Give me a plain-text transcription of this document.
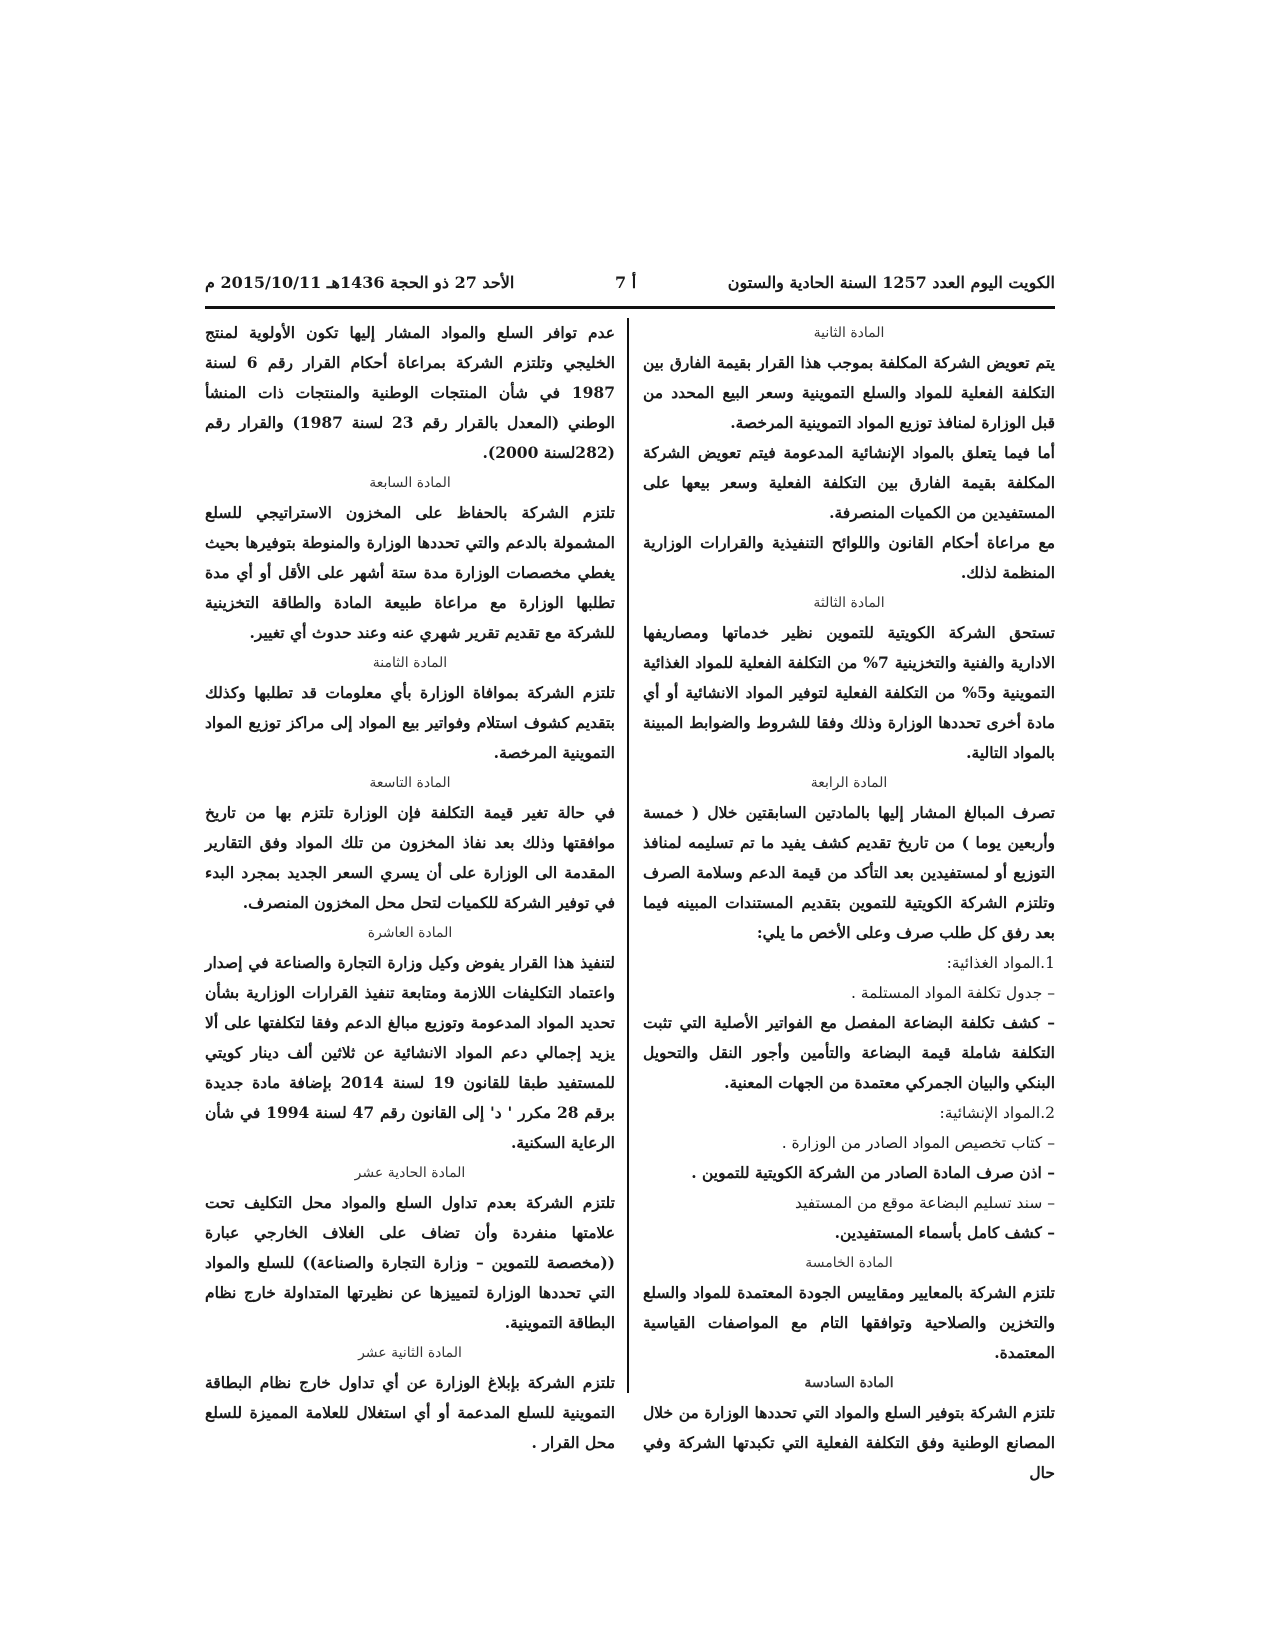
الأحد 27 ذو الحجة 1436هـ 2015/10/11 م	أ 7	الكويت اليوم العدد 1257 السنة الحادية والستون
المادة الثانية

يتم تعويض الشركة المكلفة بموجب هذا القرار بقيمة الفارق بين التكلفة الفعلية للمواد والسلع التموينية وسعر البيع المحدد من قبل الوزارة لمنافذ توزيع المواد التموينية المرخصة.

أما فيما يتعلق بالمواد الإنشائية المدعومة فيتم تعويض الشركة المكلفة بقيمة الفارق بين التكلفة الفعلية وسعر بيعها على المستفيدين من الكميات المنصرفة.

مع مراعاة أحكام القانون واللوائح التنفيذية والقرارات الوزارية المنظمة لذلك.

المادة الثالثة

تستحق الشركة الكويتية للتموين نظير خدماتها ومصاريفها الادارية والفنية والتخزينية 7% من التكلفة الفعلية للمواد الغذائية التموينية و5% من التكلفة الفعلية لتوفير المواد الانشائية أو أي مادة أخرى تحددها الوزارة وذلك وفقا للشروط والضوابط المبينة بالمواد التالية.

المادة الرابعة

تصرف المبالغ المشار إليها بالمادتين السابقتين خلال ( خمسة وأربعين يوما ) من تاريخ تقديم كشف يفيد ما تم تسليمه لمنافذ التوزيع أو لمستفيدين بعد التأكد من قيمة الدعم وسلامة الصرف وتلتزم الشركة الكويتية للتموين بتقديم المستندات المبينه فيما بعد رفق كل طلب صرف وعلى الأخص ما يلي:

1.المواد الغذائية:

– جدول تكلفة المواد المستلمة .

– كشف تكلفة البضاعة المفصل مع الفواتير الأصلية التي تثبت التكلفة شاملة قيمة البضاعة والتأمين وأجور النقل والتحويل البنكي والبيان الجمركي معتمدة من الجهات المعنية.

2.المواد الإنشائية:

– كتاب تخصيص المواد الصادر من الوزارة .

– اذن صرف المادة الصادر من الشركة الكويتية للتموين .

– سند تسليم البضاعة موقع من المستفيد

– كشف كامل بأسماء المستفيدين.

المادة الخامسة

تلتزم الشركة بالمعايير ومقاييس الجودة المعتمدة للمواد والسلع والتخزين والصلاحية وتوافقها التام مع المواصفات القياسية المعتمدة.

المادة السادسة

تلتزم الشركة بتوفير السلع والمواد التي تحددها الوزارة من خلال المصانع الوطنية وفق التكلفة الفعلية التي تكبدتها الشركة وفي حال

عدم توافر السلع والمواد المشار إليها تكون الأولوية لمنتج الخليجي وتلتزم الشركة بمراعاة أحكام القرار رقم 6 لسنة 1987 في شأن المنتجات الوطنية والمنتجات ذات المنشأ الوطني (المعدل بالقرار رقم 23 لسنة 1987) والقرار رقم (282لسنة 2000).

المادة السابعة

تلتزم الشركة بالحفاظ على المخزون الاستراتيجي للسلع المشمولة بالدعم والتي تحددها الوزارة والمنوطة بتوفيرها بحيث يغطي مخصصات الوزارة مدة ستة أشهر على الأقل أو أي مدة تطلبها الوزارة مع مراعاة طبيعة المادة والطاقة التخزينية للشركة مع تقديم تقرير شهري عنه وعند حدوث أي تغيير.

المادة الثامنة

تلتزم الشركة بموافاة الوزارة بأي معلومات قد تطلبها وكذلك بتقديم كشوف استلام وفواتير بيع المواد إلى مراكز توزيع المواد التموينية المرخصة.

المادة التاسعة

في حالة تغير قيمة التكلفة فإن الوزارة تلتزم بها من تاريخ موافقتها وذلك بعد نفاذ المخزون من تلك المواد وفق التقارير المقدمة الى الوزارة على أن يسري السعر الجديد بمجرد البدء في توفير الشركة للكميات لتحل محل المخزون المنصرف.

المادة العاشرة

لتنفيذ هذا القرار يفوض وكيل وزارة التجارة والصناعة في إصدار واعتماد التكليفات اللازمة ومتابعة تنفيذ القرارات الوزارية بشأن تحديد المواد المدعومة وتوزيع مبالغ الدعم وفقا لتكلفتها على ألا يزيد إجمالي دعم المواد الانشائية عن ثلاثين ألف دينار كويتي للمستفيد طبقا للقانون 19 لسنة 2014 بإضافة مادة جديدة برقم 28 مكرر ' د' إلى القانون رقم 47 لسنة 1994 في شأن الرعاية السكنية.

المادة الحادية عشر

تلتزم الشركة بعدم تداول السلع والمواد محل التكليف تحت علامتها منفردة وأن تضاف على الغلاف الخارجي عبارة ((مخصصة للتموين – وزارة التجارة والصناعة)) للسلع والمواد التي تحددها الوزارة لتمييزها عن نظيرتها المتداولة خارج نظام البطاقة التموينية.

المادة الثانية عشر

تلتزم الشركة بإبلاغ الوزارة عن أي تداول خارج نظام البطاقة التموينية للسلع المدعمة أو أي استغلال للعلامة المميزة للسلع محل القرار .
